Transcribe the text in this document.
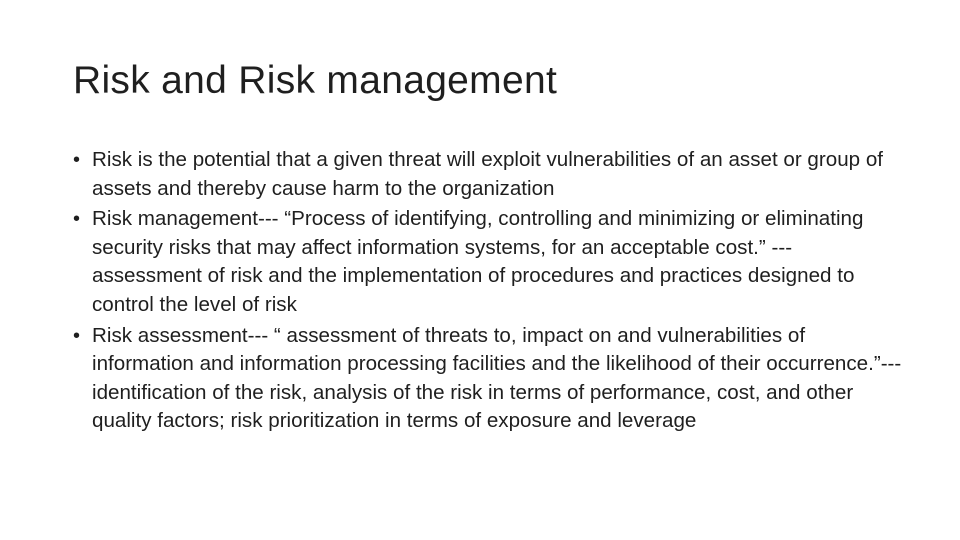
Risk and Risk management
• Risk is the potential that a given threat will exploit vulnerabilities of an asset or group of assets and thereby cause harm to the organization
• Risk management--- “Process of identifying, controlling and minimizing or eliminating security risks that may affect information systems, for an acceptable cost.” --- assessment of risk and the implementation of procedures and practices designed to control the level of risk
• Risk assessment--- “ assessment of threats to, impact on and vulnerabilities of information and information processing facilities and the likelihood of their occurrence.”---identification of the risk, analysis of the risk in terms of performance, cost, and other quality factors; risk prioritization in terms of exposure and leverage
